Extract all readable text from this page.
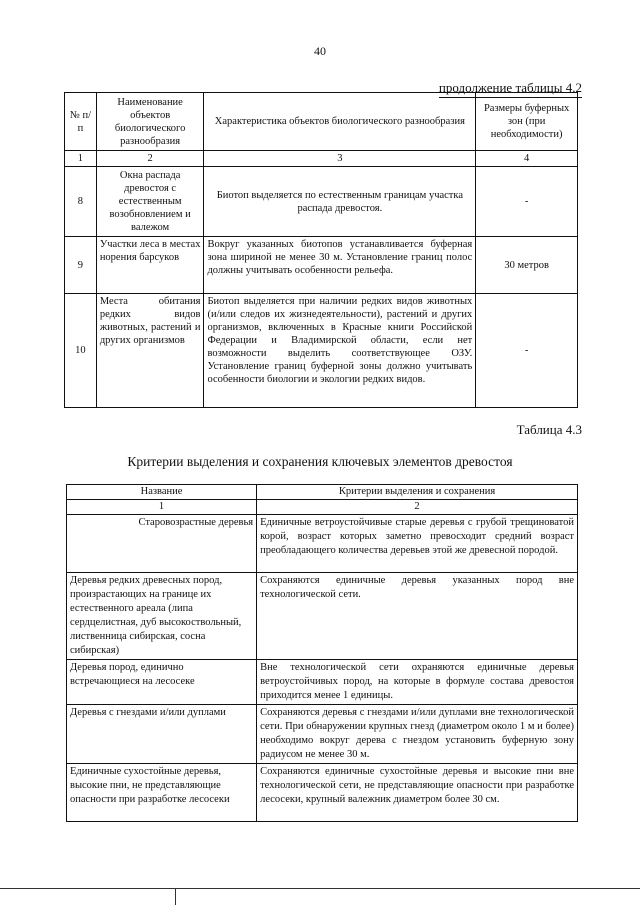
40
продолжение таблицы 4.2
№ п/п	Наименование объектов биологического разнообразия	Характеристика объектов биологического разнообразия	Размеры буферных зон (при необходимости)
1	2	3	4
8	Окна распада древостоя с естественным возобновлением и валежом	Биотоп выделяется по естественным границам участка распада древостоя.	-
9	Участки леса в местах норения барсуков	Вокруг указанных биотопов устанавливается буферная зона шириной не менее 30 м. Установление границ полос должны учитывать особенности рельефа.	30 метров
10	Места обитания редких видов животных, растений и других организмов	Биотоп выделяется при наличии редких видов животных (и/или следов их жизнедеятельности), растений и других организмов, включенных в Красные книги Российской Федерации и Владимирской области, если нет возможности выделить соответствующее ОЗУ. Установление границ буферной зоны должно учитывать особенности биологии и экологии редких видов.	-
Таблица 4.3
Критерии выделения и сохранения ключевых элементов древостоя
Название	Критерии выделения и сохранения
1	2
Старовозрастные деревья	Единичные ветроустойчивые старые деревья с грубой трещиноватой корой, возраст которых заметно превосходит средний возраст преобладающего количества деревьев этой же древесной породой.
Деревья редких древесных пород, произрастающих на границе их естественного ареала (липа сердцелистная, дуб высокоствольный, лиственница сибирская, сосна сибирская)	Сохраняются единичные деревья указанных пород вне технологической сети.
Деревья пород, единично встречающиеся на лесосеке	Вне технологической сети охраняются единичные деревья ветроустойчивых пород, на которые в формуле состава древостоя приходится менее 1 единицы.
Деревья с гнездами и/или дуплами	Сохраняются деревья с гнездами и/или дуплами вне технологической сети. При обнаружении крупных гнезд (диаметром около 1 м и более) необходимо вокруг дерева с гнездом установить буферную зону радиусом не менее 30 м.
Единичные сухостойные деревья, высокие пни, не представляющие опасности при разработке лесосеки	Сохраняются единичные сухостойные деревья и высокие пни вне технологической сети, не представляющие опасности при разработке лесосеки, крупный валежник диаметром более 30 см.
